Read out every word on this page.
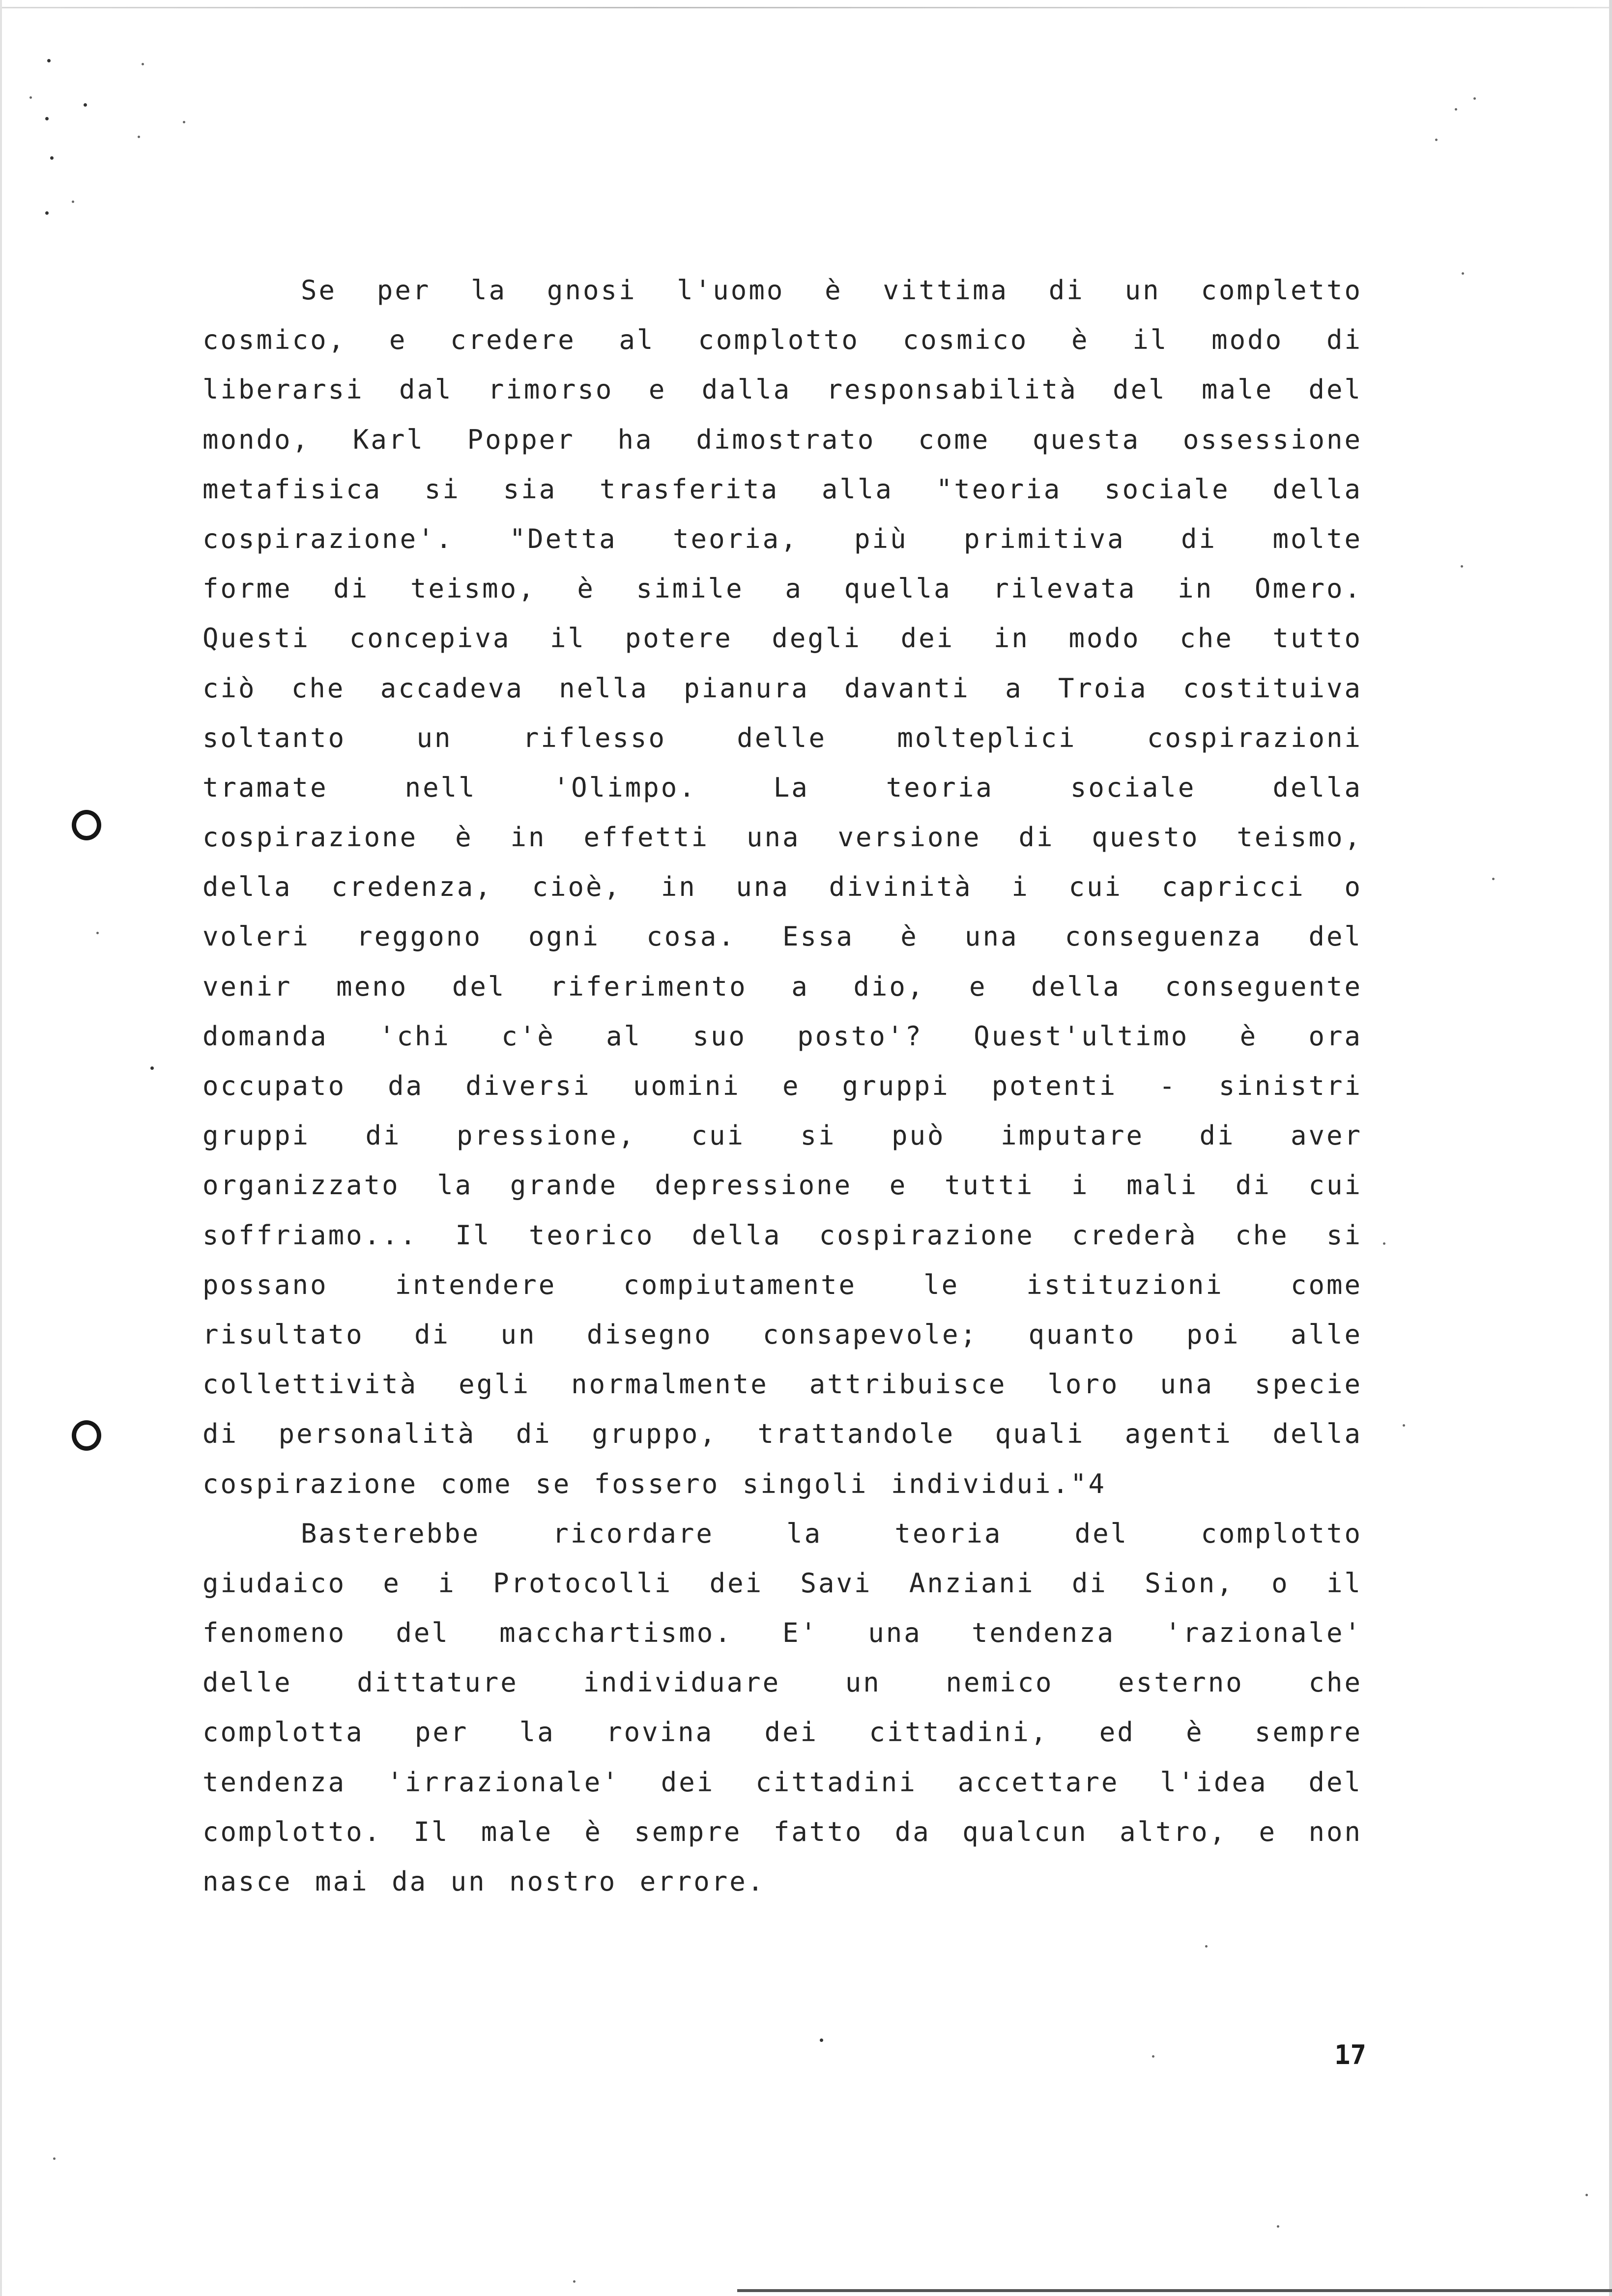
Se per la gnosi l'uomo è vittima di un completto
cosmico, e credere al complotto cosmico è il modo di
liberarsi dal rimorso e dalla responsabilità del male del
mondo, Karl Popper ha dimostrato come questa ossessione
metafisica si sia trasferita alla "teoria sociale della
cospirazione'. "Detta teoria, più primitiva di molte
forme di teismo, è simile a quella rilevata in Omero.
Questi concepiva il potere degli dei in modo che tutto
ciò che accadeva nella pianura davanti a Troia costituiva
soltanto un riflesso delle molteplici cospirazioni
tramate nell 'Olimpo. La teoria sociale della
cospirazione è in effetti una versione di questo teismo,
della credenza, cioè, in una divinità i cui capricci o
voleri reggono ogni cosa. Essa è una conseguenza del
venir meno del riferimento a dio, e della conseguente
domanda 'chi c'è al suo posto'? Quest'ultimo è ora
occupato da diversi uomini e gruppi potenti - sinistri
gruppi di pressione, cui si può imputare di aver
organizzato la grande depressione e tutti i mali di cui
soffriamo... Il teorico della cospirazione crederà che si
possano intendere compiutamente le istituzioni come
risultato di un disegno consapevole; quanto poi alle
collettività egli normalmente attribuisce loro una specie
di personalità di gruppo, trattandole quali agenti della
cospirazione come se fossero singoli individui."4
Basterebbe ricordare la teoria del complotto
giudaico e i Protocolli dei Savi Anziani di Sion, o il
fenomeno del macchartismo. E' una tendenza 'razionale'
delle dittature individuare un nemico esterno che
complotta per la rovina dei cittadini, ed è sempre
tendenza 'irrazionale' dei cittadini accettare l'idea del
complotto. Il male è sempre fatto da qualcun altro, e non
nasce mai da un nostro errore.
17
